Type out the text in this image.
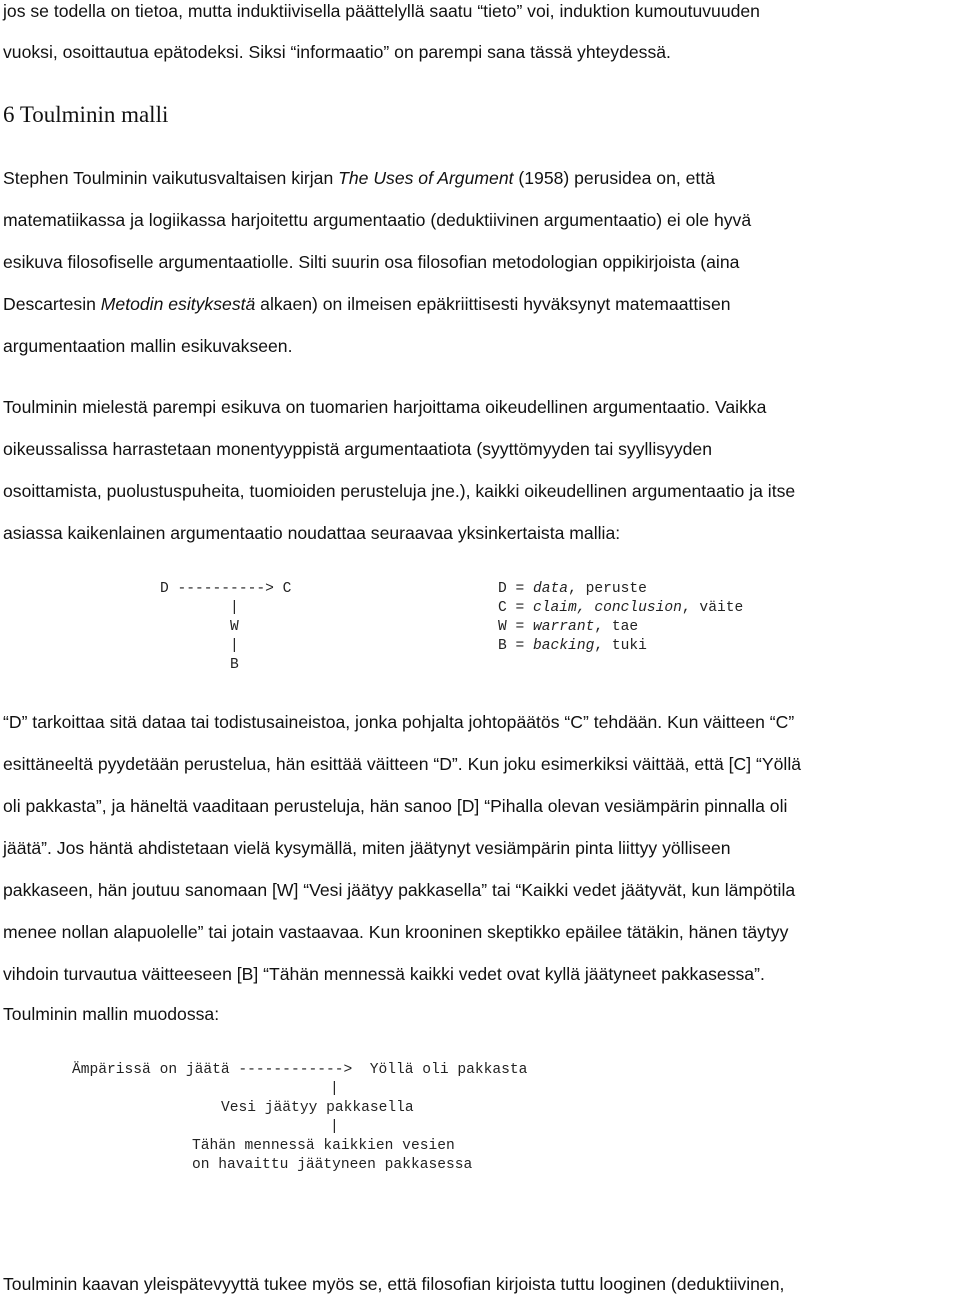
jos se todella on tietoa, mutta induktiivisella päättelyllä saatu “tieto” voi, induktion kumoutuvuuden
vuoksi, osoittautua epätodeksi. Siksi “informaatio” on parempi sana tässä yhteydessä.
6 Toulminin malli
Stephen Toulminin vaikutusvaltaisen kirjan The Uses of Argument (1958) perusidea on, että
matematiikassa ja logiikassa harjoitettu argumentaatio (deduktiivinen argumentaatio) ei ole hyvä
esikuva filosofiselle argumentaatiolle. Silti suurin osa filosofian metodologian oppikirjoista (aina
Descartesin Metodin esityksestä alkaen) on ilmeisen epäkriittisesti hyväksynyt matemaattisen
argumentaation mallin esikuvakseen.
Toulminin mielestä parempi esikuva on tuomarien harjoittama oikeudellinen argumentaatio. Vaikka
oikeussalissa harrastetaan monentyyppistä argumentaatiota (syyttömyyden tai syyllisyyden
osoittamista, puolustuspuheita, tuomioiden perusteluja jne.), kaikki oikeudellinen argumentaatio ja itse
asiassa kaikenlainen argumentaatio noudattaa seuraavaa yksinkertaista mallia:
D ----------> C
|
W
|
B
D = data, peruste
C = claim, conclusion, väite
W = warrant, tae
B = backing, tuki
“D” tarkoittaa sitä dataa tai todistusaineistoa, jonka pohjalta johtopäätös “C” tehdään. Kun väitteen “C”
esittäneeltä pyydetään perustelua, hän esittää väitteen “D”. Kun joku esimerkiksi väittää, että [C] “Yöllä
oli pakkasta”, ja häneltä vaaditaan perusteluja, hän sanoo [D] “Pihalla olevan vesiämpärin pinnalla oli
jäätä”. Jos häntä ahdistetaan vielä kysymällä, miten jäätynyt vesiämpärin pinta liittyy yölliseen
pakkaseen, hän joutuu sanomaan [W] “Vesi jäätyy pakkasella” tai “Kaikki vedet jäätyvät, kun lämpötila
menee nollan alapuolelle” tai jotain vastaavaa. Kun krooninen skeptikko epäilee tätäkin, hänen täytyy
vihdoin turvautua väitteeseen [B] “Tähän mennessä kaikki vedet ovat kyllä jäätyneet pakkasessa”.
Toulminin mallin muodossa:
Ämpärissä on jäätä ------------>  Yöllä oli pakkasta
|
Vesi jäätyy pakkasella
|
Tähän mennessä kaikkien vesien
on havaittu jäätyneen pakkasessa
Toulminin kaavan yleispätevyyttä tukee myös se, että filosofian kirjoista tuttu looginen (deduktiivinen,
